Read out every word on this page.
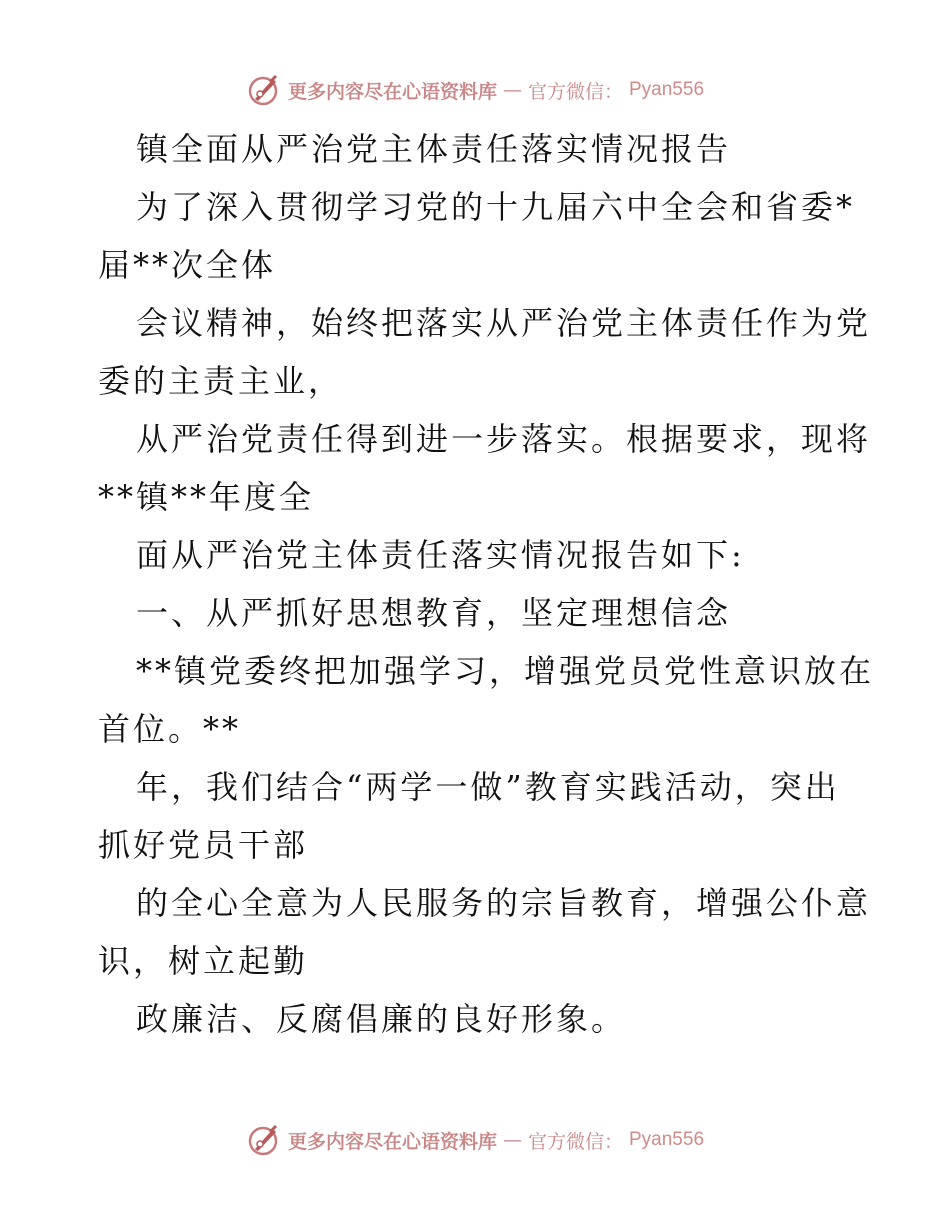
更多内容尽在心语资料库 — 官方微信： Pyan556
镇全面从严治党主体责任落实情况报告
为了深入贯彻学习党的十九届六中全会和省委*
届**次全体
会议精神，始终把落实从严治党主体责任作为党
委的主责主业，
从严治党责任得到进一步落实。根据要求，现将
**镇**年度全
面从严治党主体责任落实情况报告如下:
一、从严抓好思想教育，坚定理想信念
**镇党委终把加强学习，增强党员党性意识放在
首位。**
年，我们结合“两学一做”教育实践活动，突出
抓好党员干部
的全心全意为人民服务的宗旨教育，增强公仆意
识，树立起勤
政廉洁、反腐倡廉的良好形象。
更多内容尽在心语资料库 — 官方微信： Pyan556
